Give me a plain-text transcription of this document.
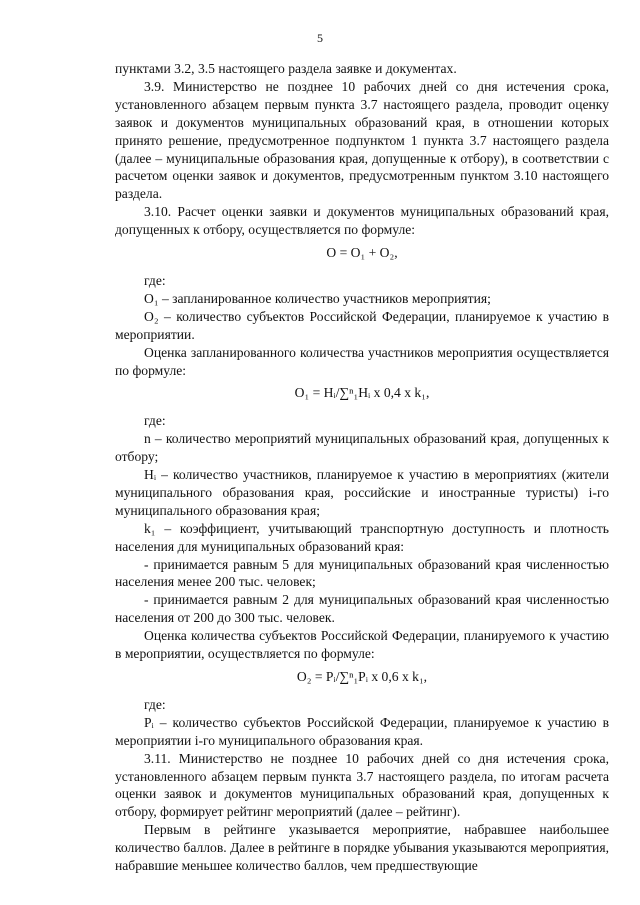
5

пунктами 3.2, 3.5 настоящего раздела заявке и документах.

3.9. Министерство не позднее 10 рабочих дней со дня истечения срока, установленного абзацем первым пункта 3.7 настоящего раздела, проводит оценку заявок и документов муниципальных образований края, в отношении которых принято решение, предусмотренное подпунктом 1 пункта 3.7 настоящего раздела (далее – муниципальные образования края, допущенные к отбору), в соответствии с расчетом оценки заявок и документов, предусмотренным пунктом 3.10 настоящего раздела.

3.10. Расчет оценки заявки и документов муниципальных образований края, допущенных к отбору, осуществляется по формуле:

O = O₁ + O₂,

где:

O₁ – запланированное количество участников мероприятия;

O₂ – количество субъектов Российской Федерации, планируемое к участию в мероприятии.

Оценка запланированного количества участников мероприятия осуществляется по формуле:

O₁ = Hᵢ/∑ⁿ₁Hᵢ x 0,4 x k₁,

где:

n – количество мероприятий муниципальных образований края, допущенных к отбору;

Hᵢ – количество участников, планируемое к участию в мероприятиях (жители муниципального образования края, российские и иностранные туристы) i-го муниципального образования края;

k₁ – коэффициент, учитывающий транспортную доступность и плотность населения для муниципальных образований края:

- принимается равным 5 для муниципальных образований края численностью населения менее 200 тыс. человек;

- принимается равным 2 для муниципальных образований края численностью населения от 200 до 300 тыс. человек.

Оценка количества субъектов Российской Федерации, планируемого к участию в мероприятии, осуществляется по формуле:

O₂ = Pᵢ/∑ⁿ₁Pᵢ x 0,6 x k₁,

где:

Pᵢ – количество субъектов Российской Федерации, планируемое к участию в мероприятии i-го муниципального образования края.

3.11. Министерство не позднее 10 рабочих дней со дня истечения срока, установленного абзацем первым пункта 3.7 настоящего раздела, по итогам расчета оценки заявок и документов муниципальных образований края, допущенных к отбору, формирует рейтинг мероприятий (далее – рейтинг).

Первым в рейтинге указывается мероприятие, набравшее наибольшее количество баллов. Далее в рейтинге в порядке убывания указываются мероприятия, набравшие меньшее количество баллов, чем предшествующие
